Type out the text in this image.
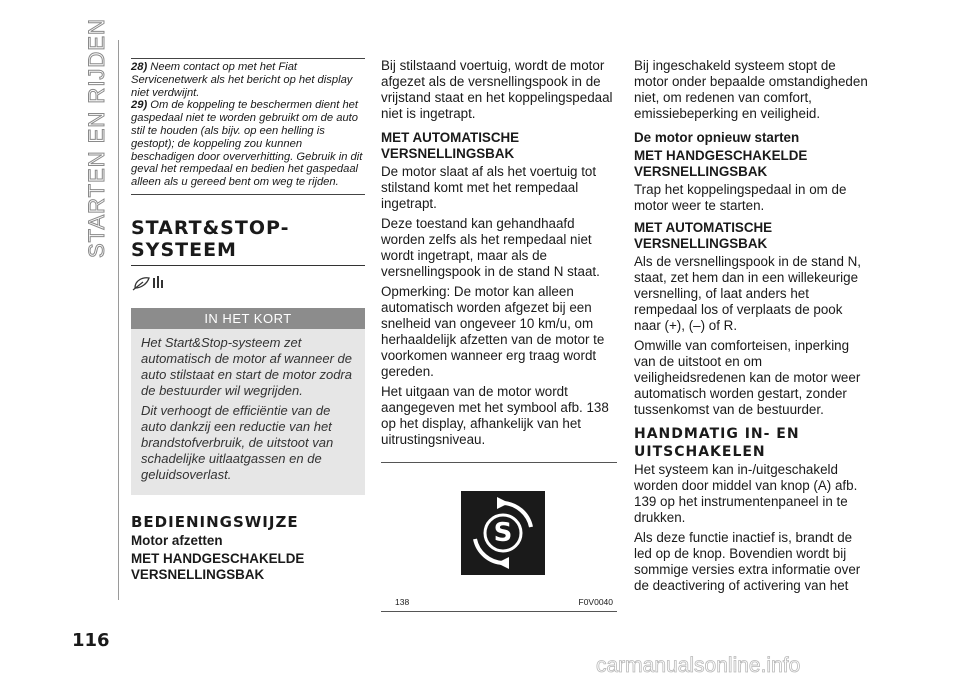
STARTEN EN RIJDEN
116

28) Neem contact op met het Fiat Servicenetwerk als het bericht op het display niet verdwijnt.

29) Om de koppeling te beschermen dient het gaspedaal niet te worden gebruikt om de auto stil te houden (als bijv. op een helling is gestopt); de koppeling zou kunnen beschadigen door oververhitting. Gebruik in dit geval het rempedaal en bedien het gaspedaal alleen als u gereed bent om weg te rijden.

START&STOP-

SYSTEEM

IN HET KORT

Het Start&Stop-systeem zet automatisch de motor af wanneer de auto stilstaat en start de motor zodra de bestuurder wil wegrijden.

Dit verhoogt de efficiëntie van de auto dankzij een reductie van het brandstofverbruik, de uitstoot van schadelijke uitlaatgassen en de geluidsoverlast.

BEDIENINGSWIJZE

Motor afzetten

MET HANDGESCHAKELDE VERSNELLINGSBAK

Bij stilstaand voertuig, wordt de motor afgezet als de versnellingspook in de vrijstand staat en het koppelingspedaal niet is ingetrapt.

MET AUTOMATISCHE VERSNELLINGSBAK

De motor slaat af als het voertuig tot stilstand komt met het rempedaal ingetrapt.

Deze toestand kan gehandhaafd worden zelfs als het rempedaal niet wordt ingetrapt, maar als de versnellingspook in de stand N staat.

Opmerking: De motor kan alleen automatisch worden afgezet bij een snelheid van ongeveer 10 km/u, om herhaaldelijk afzetten van de motor te voorkomen wanneer erg traag wordt gereden.

Het uitgaan van de motor wordt aangegeven met het symbool afb. 138 op het display, afhankelijk van het uitrustingsniveau.

S
138	F0V0040

Bij ingeschakeld systeem stopt de motor onder bepaalde omstandigheden niet, om redenen van comfort, emissiebeperking en veiligheid.

De motor opnieuw starten

MET HANDGESCHAKELDE VERSNELLINGSBAK

Trap het koppelingspedaal in om de motor weer te starten.

MET AUTOMATISCHE VERSNELLINGSBAK

Als de versnellingspook in de stand N, staat, zet hem dan in een willekeurige versnelling, of laat anders het rempedaal los of verplaats de pook naar (+), (–) of R.

Omwille van comforteisen, inperking van de uitstoot en om veiligheidsredenen kan de motor weer automatisch worden gestart, zonder tussenkomst van de bestuurder.

HANDMATIG IN- EN

UITSCHAKELEN

Het systeem kan in-/uitgeschakeld worden door middel van knop (A) afb. 139 op het instrumentenpaneel in te drukken.

Als deze functie inactief is, brandt de led op de knop. Bovendien wordt bij sommige versies extra informatie over de deactivering of activering van het

carmanualsonline.info
